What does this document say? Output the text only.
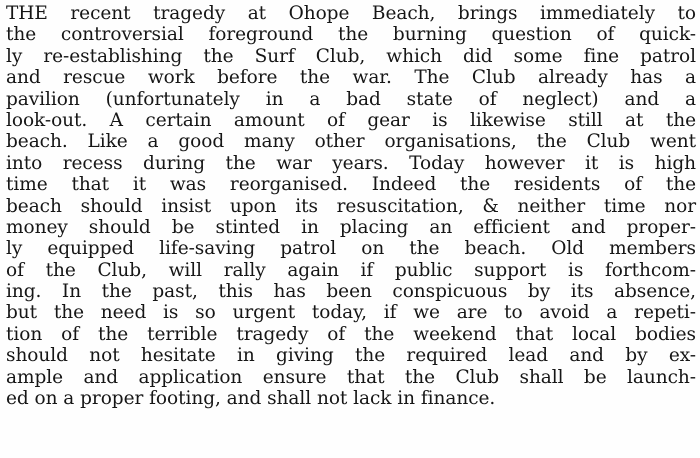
THE recent tragedy at Ohope Beach, brings immediately to
the controversial foreground the burning question of quick-
ly re-establishing the Surf Club, which did some fine patrol
and rescue work before the war. The Club already has a
pavilion (unfortunately in a bad state of neglect) and a
look-out. A certain amount of gear is likewise still at the
beach. Like a good many other organisations, the Club went
into recess during the war years. Today however it is high
time that it was reorganised. Indeed the residents of the
beach should insist upon its resuscitation, & neither time nor
money should be stinted in placing an efficient and proper-
ly equipped life-saving patrol on the beach. Old members
of the Club, will rally again if public support is forthcom-
ing. In the past, this has been conspicuous by its absence,
but the need is so urgent today, if we are to avoid a repeti-
tion of the terrible tragedy of the weekend that local bodies
should not hesitate in giving the required lead and by ex-
ample and application ensure that the Club shall be launch-
ed on a proper footing, and shall not lack in finance.
